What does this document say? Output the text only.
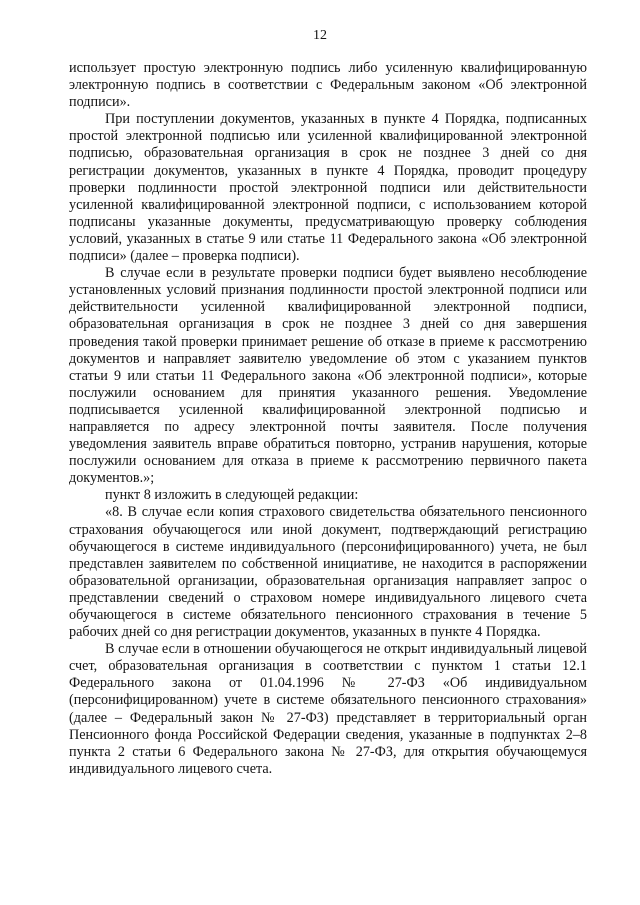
12

использует простую электронную подпись либо усиленную квалифицированную электронную подпись в соответствии с Федеральным законом «Об электронной подписи».

При поступлении документов, указанных в пункте 4 Порядка, подписанных простой электронной подписью или усиленной квалифицированной электронной подписью, образовательная организация в срок не позднее 3 дней со дня регистрации документов, указанных в пункте 4 Порядка, проводит процедуру проверки подлинности простой электронной подписи или действительности усиленной квалифицированной электронной подписи, с использованием которой подписаны указанные документы, предусматривающую проверку соблюдения условий, указанных в статье 9 или статье 11 Федерального закона «Об электронной подписи» (далее – проверка подписи).

В случае если в результате проверки подписи будет выявлено несоблюдение установленных условий признания подлинности простой электронной подписи или действительности усиленной квалифицированной электронной подписи, образовательная организация в срок не позднее 3 дней со дня завершения проведения такой проверки принимает решение об отказе в приеме к рассмотрению документов и направляет заявителю уведомление об этом с указанием пунктов статьи 9 или статьи 11 Федерального закона «Об электронной подписи», которые послужили основанием для принятия указанного решения. Уведомление подписывается усиленной квалифицированной электронной подписью и направляется по адресу электронной почты заявителя. После получения уведомления заявитель вправе обратиться повторно, устранив нарушения, которые послужили основанием для отказа в приеме к рассмотрению первичного пакета документов.»;

пункт 8 изложить в следующей редакции:

«8. В случае если копия страхового свидетельства обязательного пенсионного страхования обучающегося или иной документ, подтверждающий регистрацию обучающегося в системе индивидуального (персонифицированного) учета, не был представлен заявителем по собственной инициативе, не находится в распоряжении образовательной организации, образовательная организация направляет запрос о представлении сведений о страховом номере индивидуального лицевого счета обучающегося в системе обязательного пенсионного страхования в течение 5 рабочих дней со дня регистрации документов, указанных в пункте 4 Порядка.

В случае если в отношении обучающегося не открыт индивидуальный лицевой счет, образовательная организация в соответствии с пунктом 1 статьи 12.1 Федерального закона от 01.04.1996 № 27-ФЗ «Об индивидуальном (персонифицированном) учете в системе обязательного пенсионного страхования» (далее – Федеральный закон № 27-ФЗ) представляет в территориальный орган Пенсионного фонда Российской Федерации сведения, указанные в подпунктах 2–8 пункта 2 статьи 6 Федерального закона № 27-ФЗ, для открытия обучающемуся индивидуального лицевого счета.
